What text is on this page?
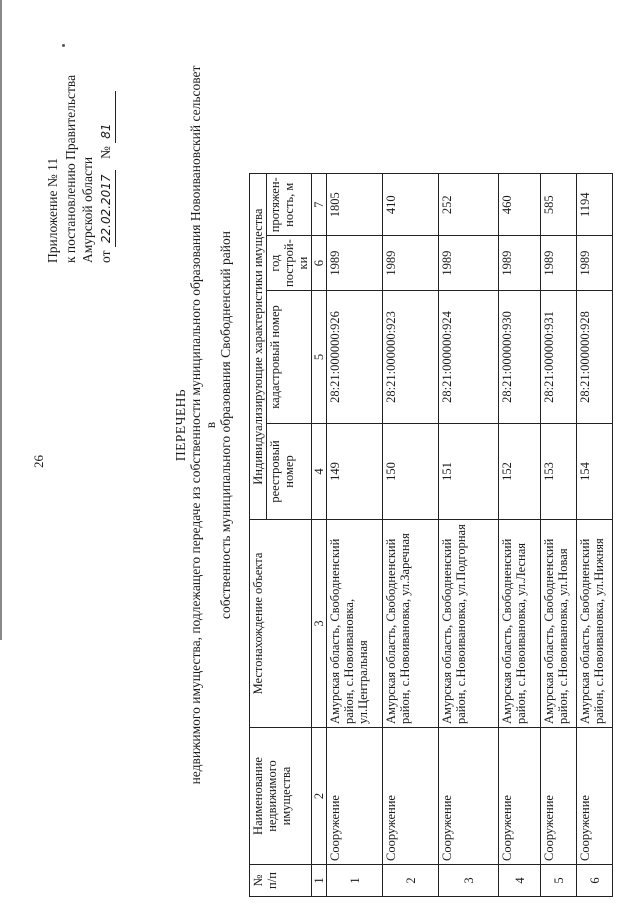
26
Приложение № 11 к постановлению Правительства Амурской области от 22.02.2017 № 81
ПЕРЕЧЕНЬ недвижимого имущества, подлежащего передаче из собственности муниципального образования Новоивановский сельсовет в собственность муниципального образования Свободненский район
№ п/п	Наименование недвижимого имущества	Местонахождение объекта	Индивидуализирующие характеристики имущества			
			реестровый номер	кадастровый номер	год построй-ки	протяжен-ность, м
1	2	3	4	5	6	7
1	Сооружение	Амурская область, Свободненский район, с.Новоивановка, ул.Центральная	149	28:21:000000:926	1989	1805
2	Сооружение	Амурская область, Свободненский район, с.Новоивановка, ул.Заречная	150	28:21:000000:923	1989	410
3	Сооружение	Амурская область, Свободненский район, с.Новоивановка, ул.Подгорная	151	28:21:000000:924	1989	252
4	Сооружение	Амурская область, Свободненский район, с.Новоивановка, ул.Лесная	152	28:21:000000:930	1989	460
5	Сооружение	Амурская область, Свободненский район, с.Новоивановка, ул.Новая	153	28:21:000000:931	1989	585
6	Сооружение	Амурская область, Свободненский район, с.Новоивановка, ул.Нижняя	154	28:21:000000:928	1989	1194
